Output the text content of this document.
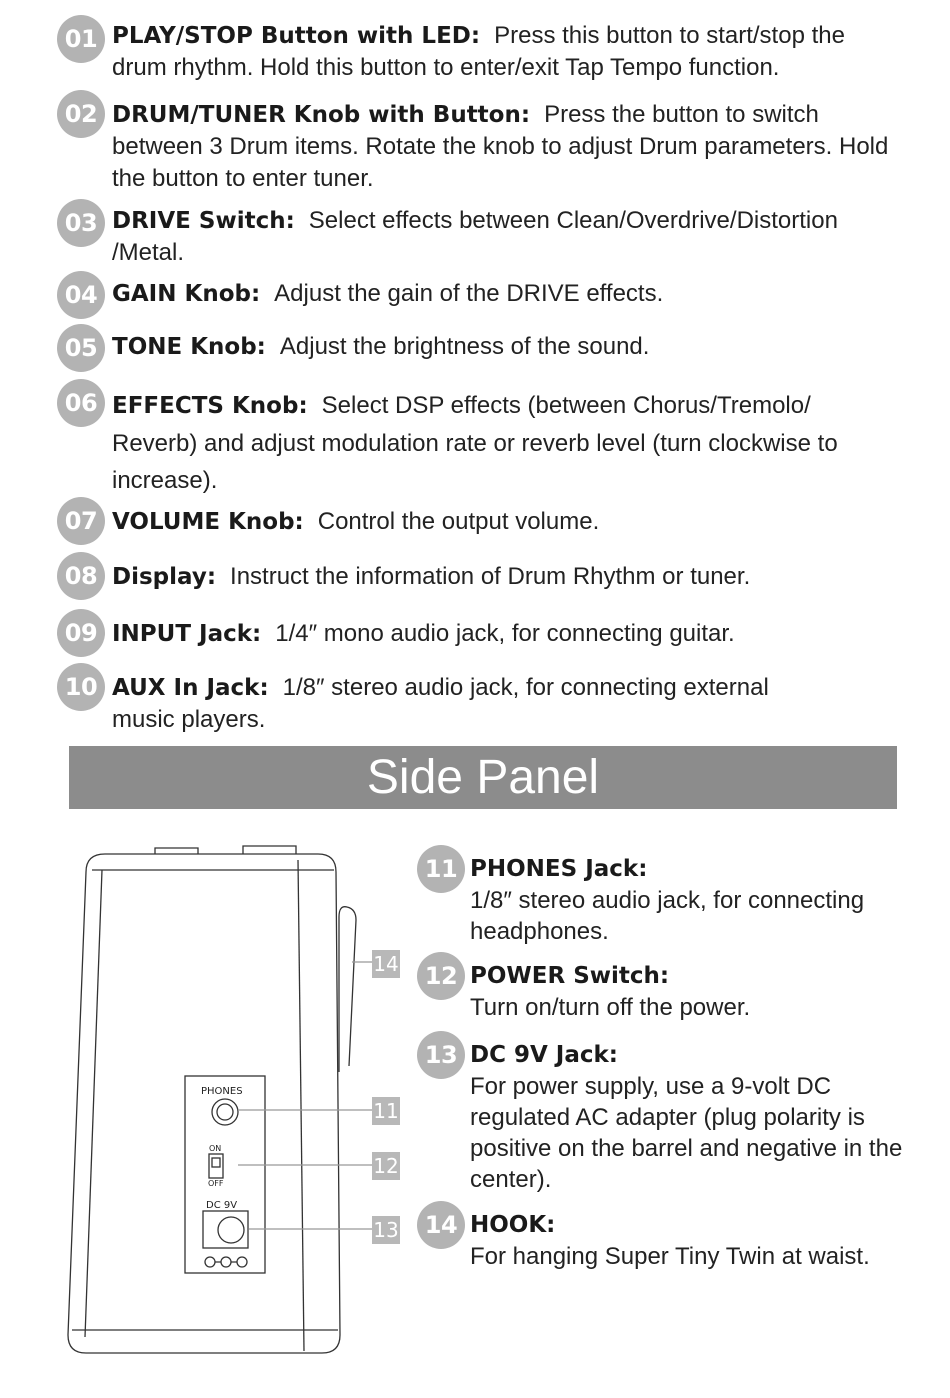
01 PLAY/STOP Button with LED: Press this button to start/stop the drum rhythm. Hold this button to enter/exit Tap Tempo function.
02 DRUM/TUNER Knob with Button: Press the button to switch between 3 Drum items. Rotate the knob to adjust Drum parameters. Hold the button to enter tuner.
03 DRIVE Switch: Select effects between Clean/Overdrive/Distortion /Metal.
04 GAIN Knob: Adjust the gain of the DRIVE effects.
05 TONE Knob: Adjust the brightness of the sound.
06 EFFECTS Knob: Select DSP effects (between Chorus/Tremolo/ Reverb) and adjust modulation rate or reverb level (turn clockwise to increase).
07 VOLUME Knob: Control the output volume.
08 Display: Instruct the information of Drum Rhythm or tuner.
09 INPUT Jack: 1/4″ mono audio jack, for connecting guitar.
10 AUX In Jack: 1/8″ stereo audio jack, for connecting external music players.
Side Panel
PHONES
ON
OFF
DC 9V
14
11
12
13
11 PHONES Jack:
1/8″ stereo audio jack, for connecting headphones.
12 POWER Switch:
Turn on/turn off the power.
13 DC 9V Jack:
For power supply, use a 9-volt DC regulated AC adapter (plug polarity is positive on the barrel and negative in the center).
14 HOOK:
For hanging Super Tiny Twin at waist.
